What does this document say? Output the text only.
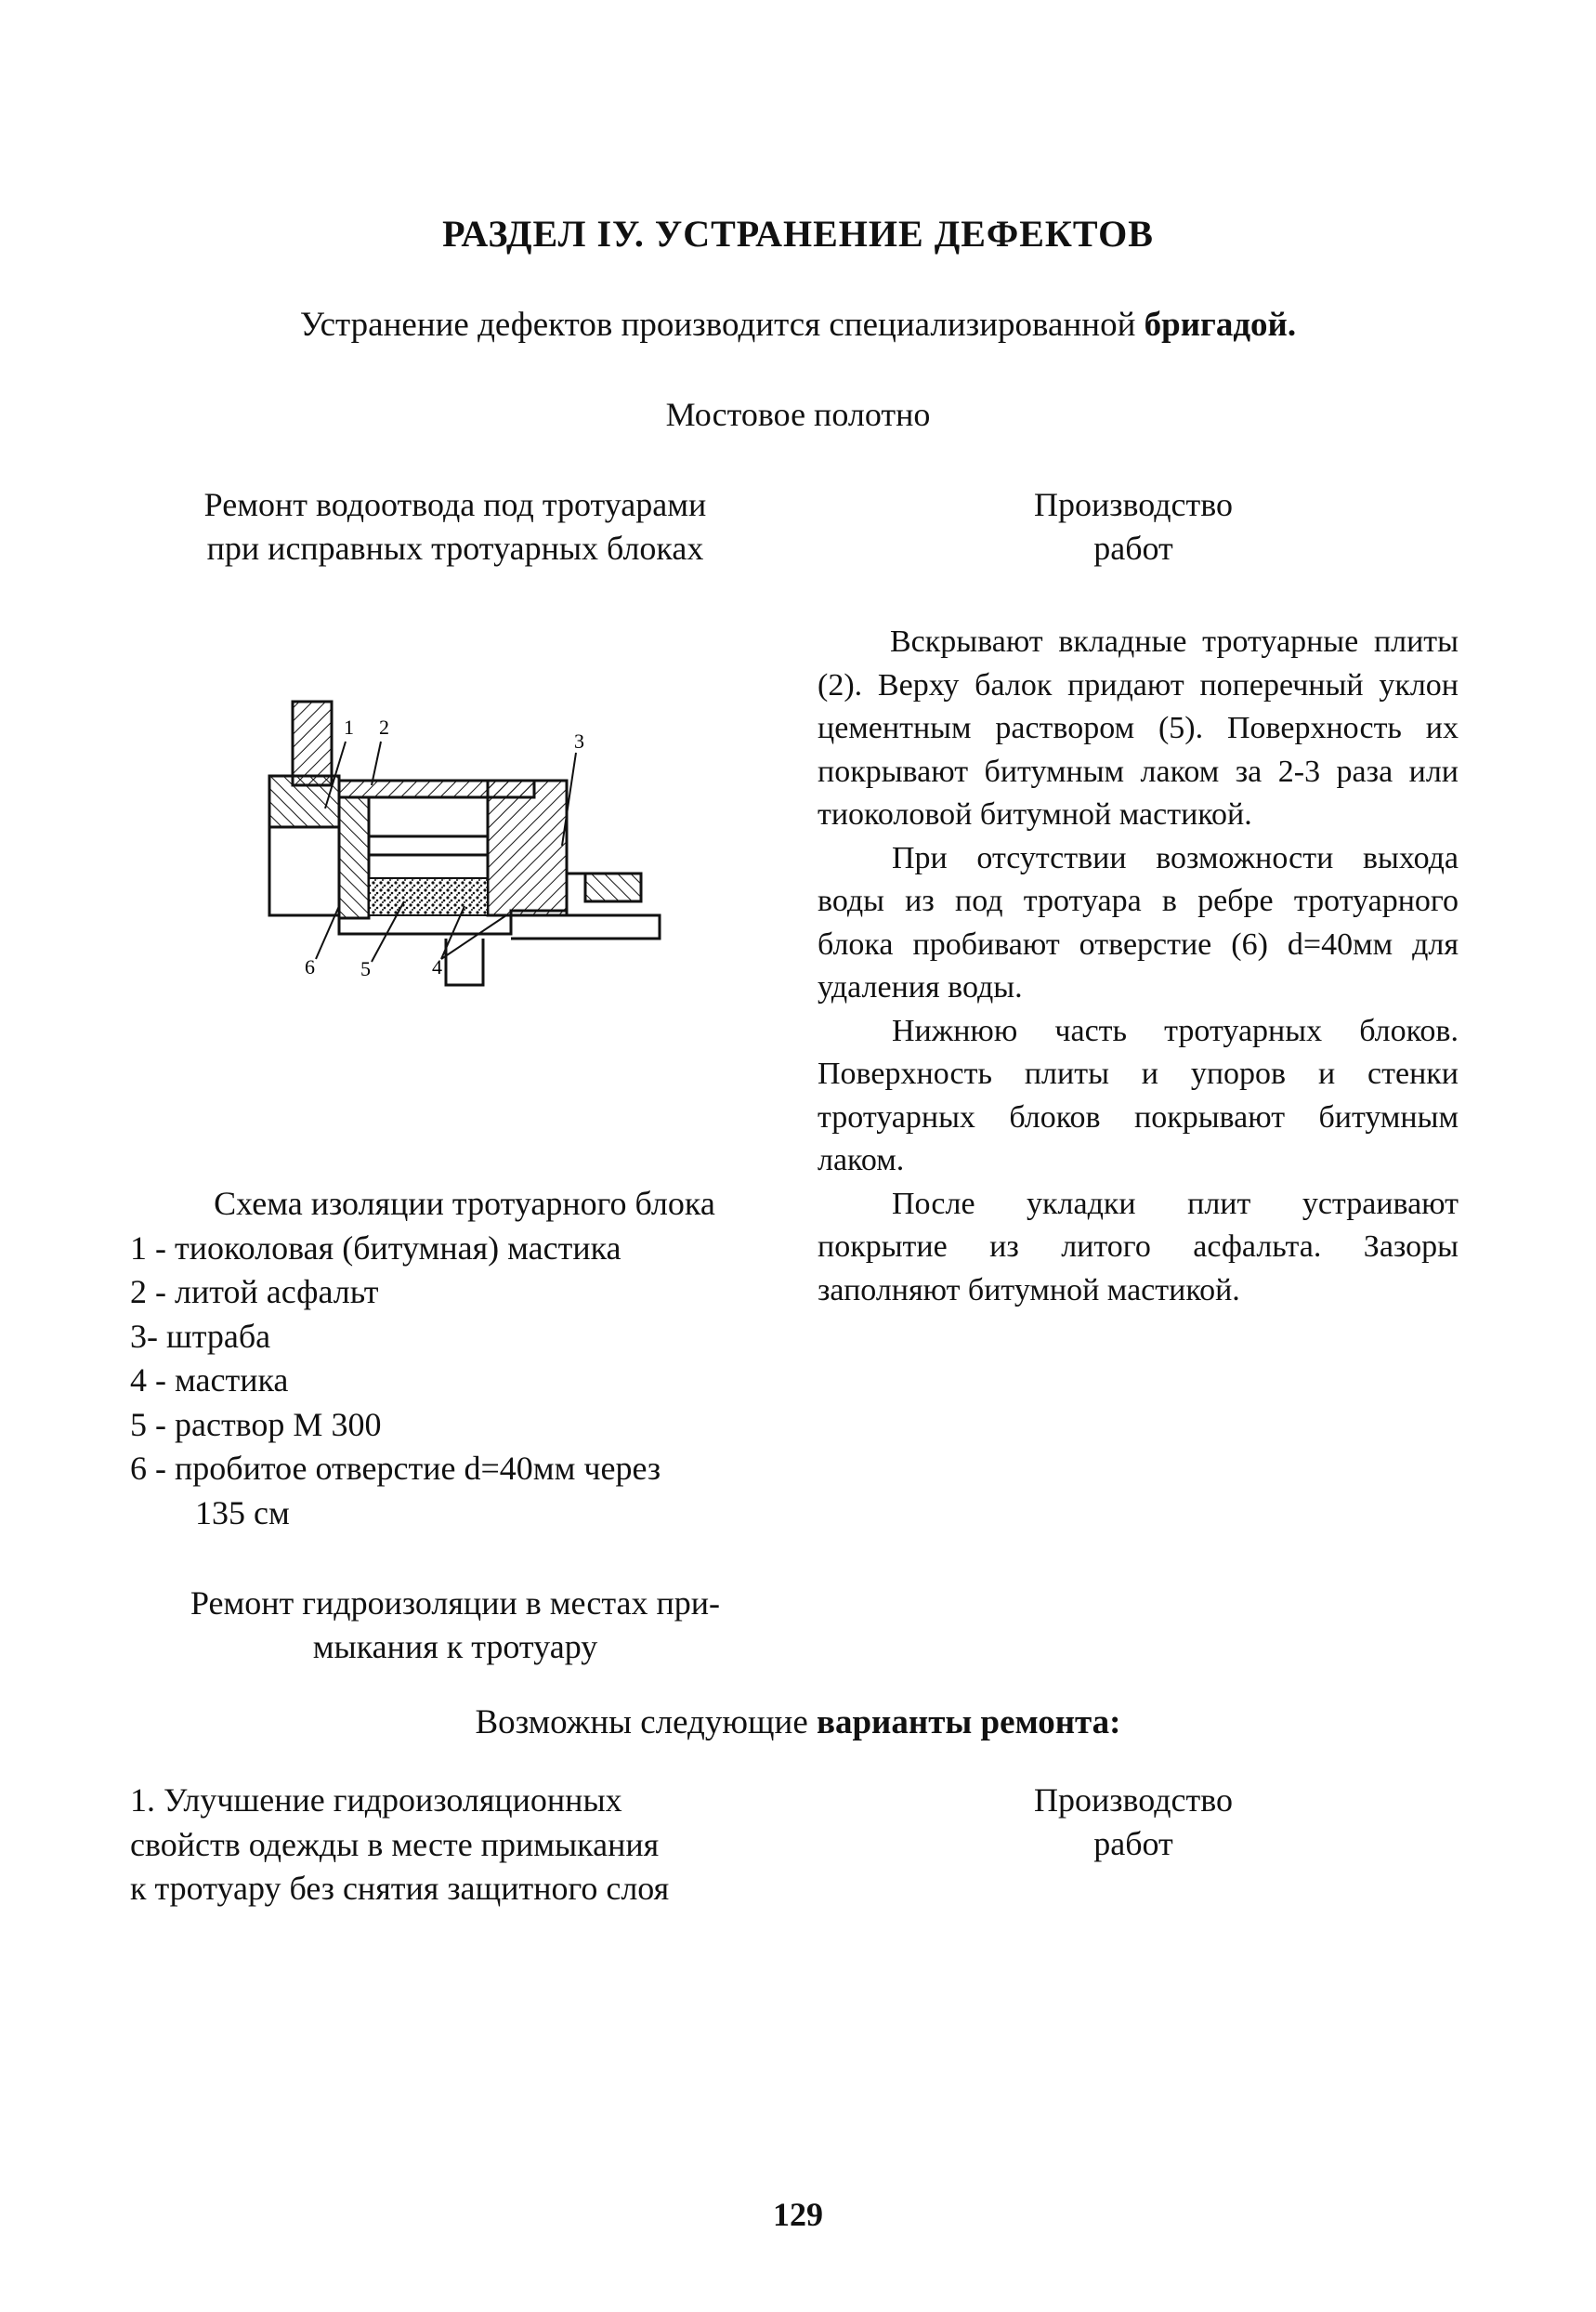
РАЗДЕЛ IУ. УСТРАНЕНИЕ ДЕФЕКТОВ
Устранение дефектов производится специализированной бригадой.
Мостовое полотно
Ремонт водоотвода под тротуарами
при исправных тротуарных блоках
Производство
работ
1 2
3
6 5	4

Вскрывают вкладные тротуарные плиты (2). Верху балок придают поперечный уклон цементным раствором (5). Поверхность их покрывают битумным лаком за 2-3 раза или тиоколовой битумной мастикой.

При отсутствии возможности выхода воды из под тротуара в ребре тротуарного блока пробивают отверстие (6) d=40мм для удаления воды.

Нижнюю часть тротуарных блоков. Поверхность плиты и упоров и стенки тротуарных блоков покрывают битумным лаком.

После укладки плит устраивают покрытие из литого асфальта. Зазоры заполняют битумной мастикой.

Схема изоляции тротуарного блока
1 - тиоколовая (битумная) мастика
2 - литой асфальт
3- штраба
4 - мастика
5 - раствор М 300
6 - пробитое отверстие d=40мм через
135 см
Ремонт гидроизоляции в местах при-
мыкания к тротуару
Возможны следующие варианты ремонта:
1. Улучшение гидроизоляционных
свойств одежды в месте примыкания
к тротуару без снятия защитного слоя
Производство
работ
129
